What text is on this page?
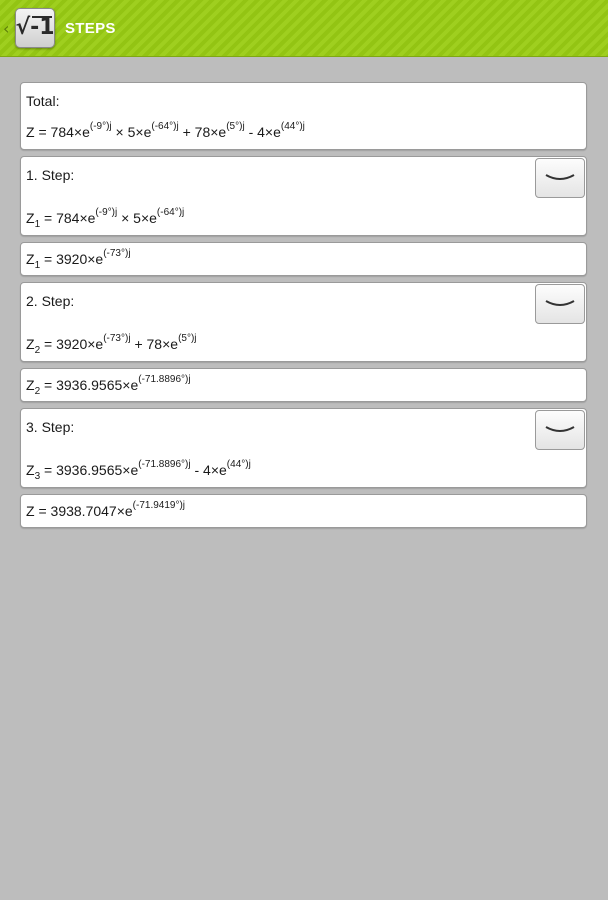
‹ √-1 STEPS
Total:
$Z = 784\times e^{(-9^\circ)j} \times 5\times e^{(-64^\circ)j} + 78\times e^{(5^\circ)j} - 4\times e^{(44^\circ)j}$
1. Step:
$Z_1 = 784\times e^{(-9^\circ)j} \times 5\times e^{(-64^\circ)j}$
$Z_1 = 3920\times e^{(-73^\circ)j}$
2. Step:
$Z_2 = 3920\times e^{(-73^\circ)j} + 78\times e^{(5^\circ)j}$
$Z_2 = 3936.9565\times e^{(-71.8896^\circ)j}$
3. Step:
$Z_3 = 3936.9565\times e^{(-71.8896^\circ)j} - 4\times e^{(44^\circ)j}$
$Z = 3938.7047\times e^{(-71.9419^\circ)j}$
